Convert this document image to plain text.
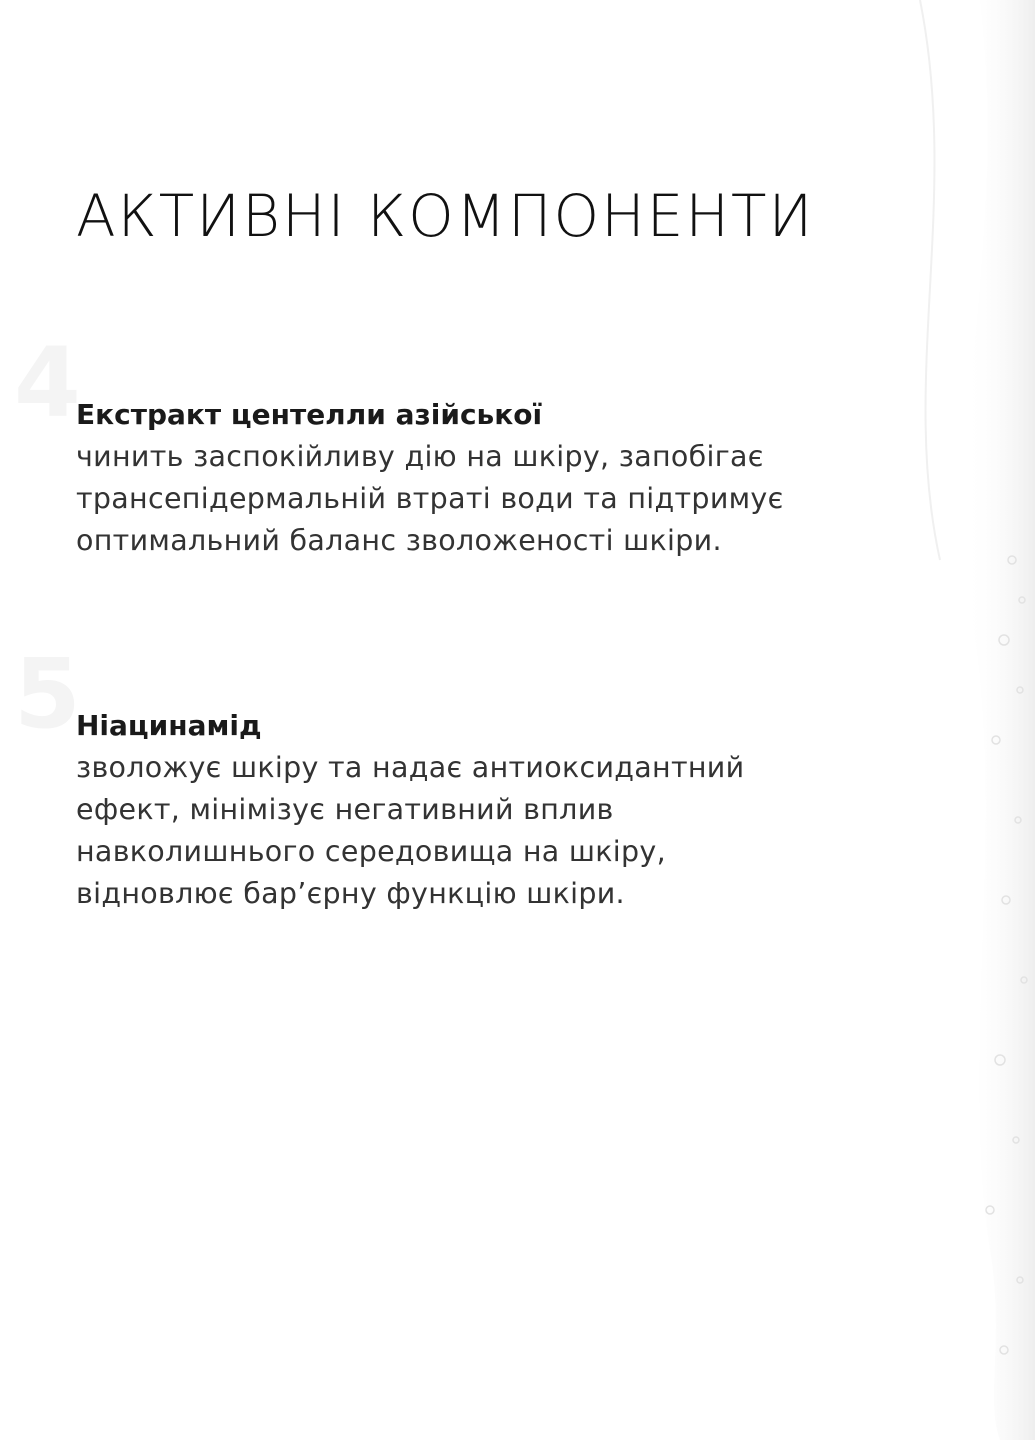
АКТИВНІ КОМПОНЕНТИ
4
Екстракт центелли азійської

чинить заспокійливу дію на шкіру, запобігає
трансепідермальній втраті води та підтримує
оптимальний баланс зволоженості шкіри.

5
Ніацинамід

зволожує шкіру та надає антиоксидантний
ефект, мінімізує негативний вплив
навколишнього середовища на шкіру,
відновлює бар’єрну функцію шкіри.
